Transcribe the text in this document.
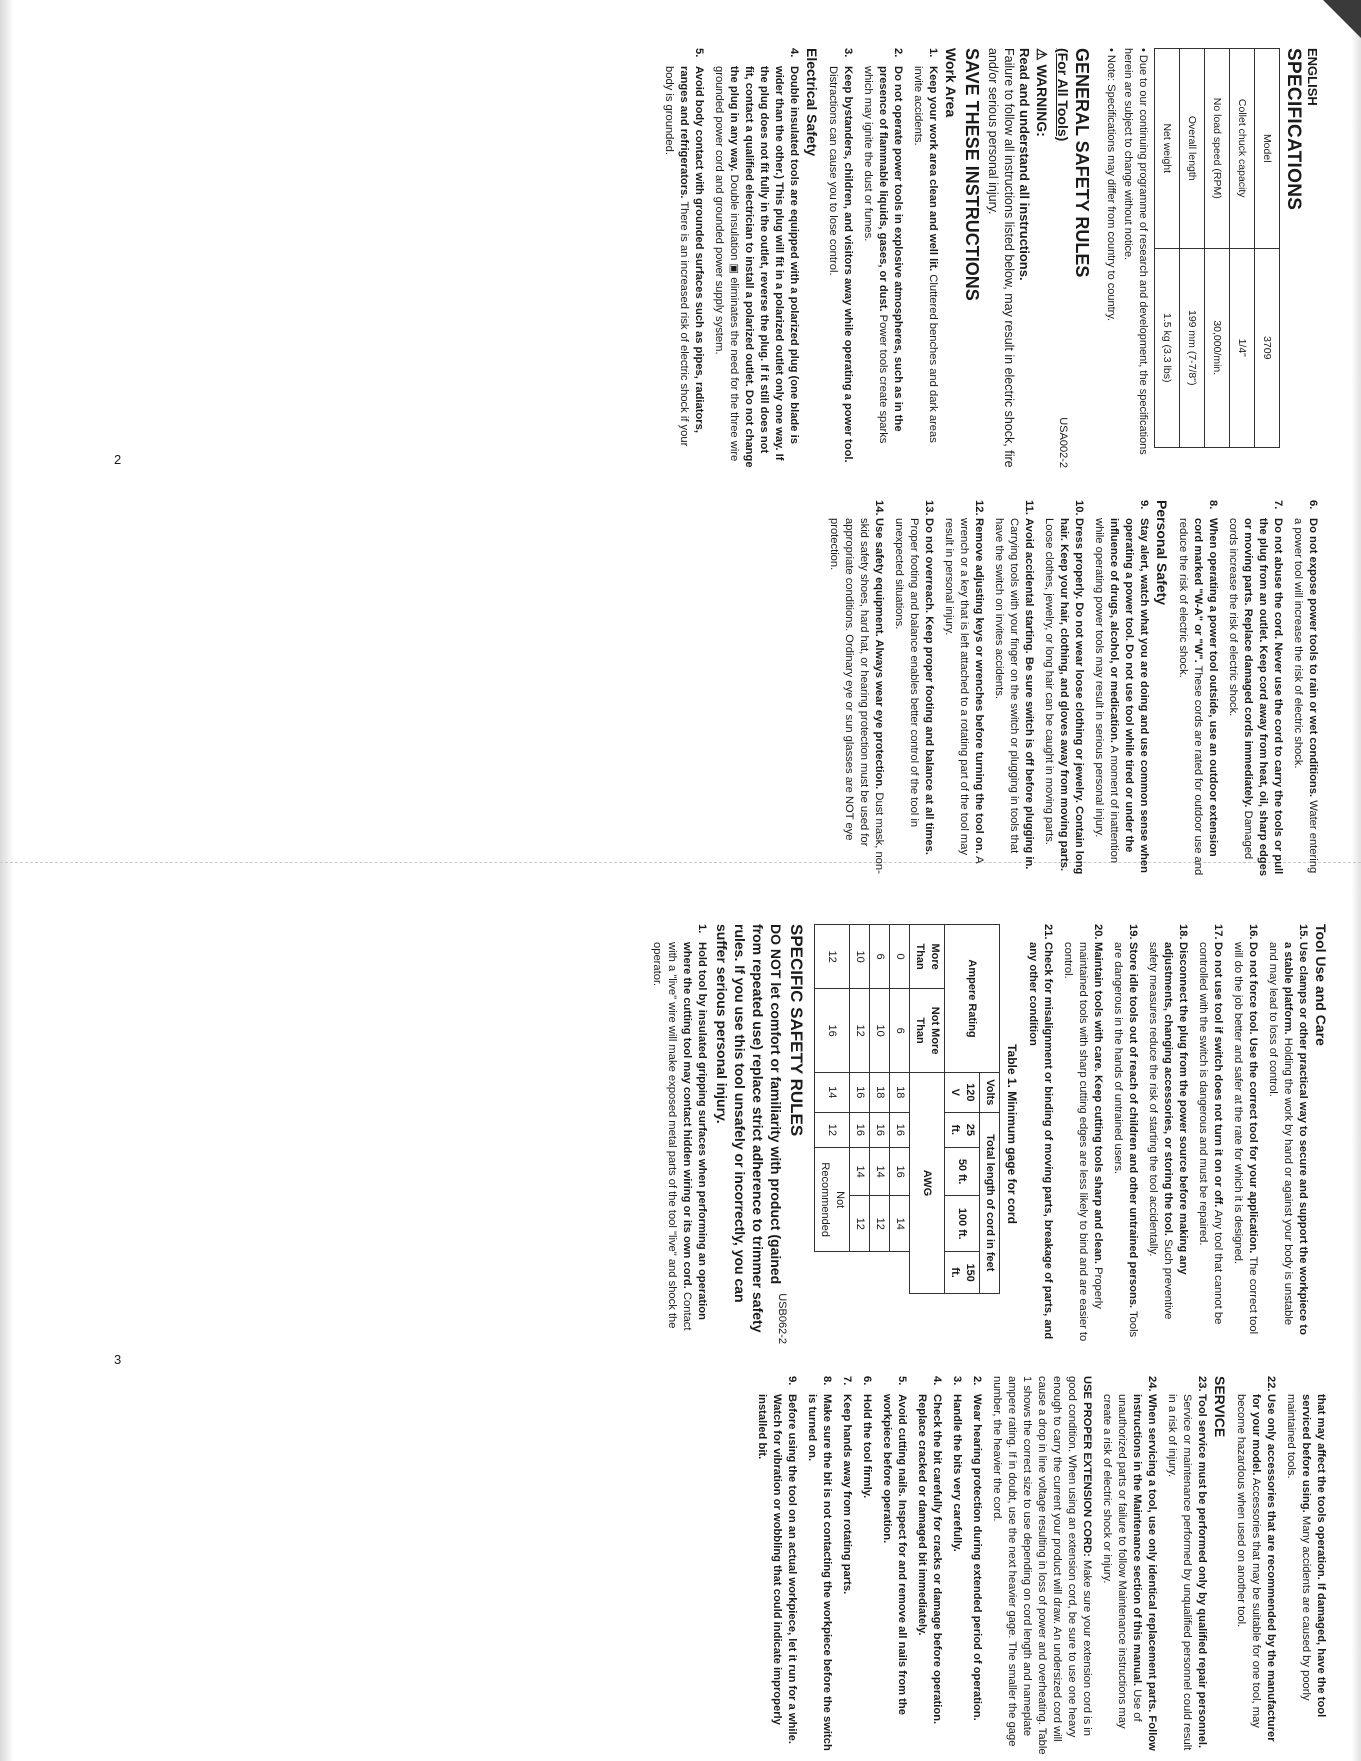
ENGLISH
SPECIFICATIONS
Model	3709
Collet chuck capacity	1/4"
No load speed (RPM)	30,000/min.
Overall length	199 mm (7-7/8")
Net weight	1.5 kg (3.3 lbs)
• Due to our continuing programme of research and development, the specifications herein are subject to change without notice.
• Note: Specifications may differ from country to country.
GENERAL SAFETY RULES
USA002-2
(For All Tools)
⚠ WARNING:
Read and understand all instructions.
Failure to follow all instructions listed below, may result in electric shock, fire and/or serious personal injury.
SAVE THESE INSTRUCTIONS
Work Area
1.
Keep your work area clean and well lit. Cluttered benches and dark areas invite accidents.
2.
Do not operate power tools in explosive atmospheres, such as in the presence of flammable liquids, gases, or dust. Power tools create sparks which may ignite the dust or fumes.
3.
Keep bystanders, children, and visitors away while operating a power tool. Distractions can cause you to lose control.
Electrical Safety
4.
Double insulated tools are equipped with a polarized plug (one blade is wider than the other.) This plug will fit in a polarized outlet only one way. If the plug does not fit fully in the outlet, reverse the plug. If it still does not fit, contact a qualified electrician to install a polarized outlet. Do not change the plug in any way. Double insulation ▣ eliminates the need for the three wire grounded power cord and grounded power supply system.
5.
Avoid body contact with grounded surfaces such as pipes, radiators, ranges and refrigerators. There is an increased risk of electric shock if your body is grounded.
6.
Do not expose power tools to rain or wet conditions. Water entering a power tool will increase the risk of electric shock.
7.
Do not abuse the cord. Never use the cord to carry the tools or pull the plug from an outlet. Keep cord away from heat, oil, sharp edges or moving parts. Replace damaged cords immediately. Damaged cords increase the risk of electric shock.
8.
When operating a power tool outside, use an outdoor extension cord marked "W-A" or "W". These cords are rated for outdoor use and reduce the risk of electric shock.
Personal Safety
9.
Stay alert, watch what you are doing and use common sense when operating a power tool. Do not use tool while tired or under the influence of drugs, alcohol, or medication. A moment of inattention while operating power tools may result in serious personal injury.
10.
Dress properly. Do not wear loose clothing or jewelry. Contain long hair. Keep your hair, clothing, and gloves away from moving parts. Loose clothes, jewelry, or long hair can be caught in moving parts.
11.
Avoid accidental starting. Be sure switch is off before plugging in. Carrying tools with your finger on the switch or plugging in tools that have the switch on invites accidents.
12.
Remove adjusting keys or wrenches before turning the tool on. A wrench or a key that is left attached to a rotating part of the tool may result in personal injury.
13.
Do not overreach. Keep proper footing and balance at all times. Proper footing and balance enables better control of the tool in unexpected situations.
14.
Use safety equipment. Always wear eye protection. Dust mask, non-skid safety shoes, hard hat, or hearing protection must be used for appropriate conditions. Ordinary eye or sun glasses are NOT eye protection.
2
Tool Use and Care
15.
Use clamps or other practical way to secure and support the workpiece to a stable platform. Holding the work by hand or against your body is unstable and may lead to loss of control.
16.
Do not force tool. Use the correct tool for your application. The correct tool will do the job better and safer at the rate for which it is designed.
17.
Do not use tool if switch does not turn it on or off. Any tool that cannot be controlled with the switch is dangerous and must be repaired.
18.
Disconnect the plug from the power source before making any adjustments, changing accessories, or storing the tool. Such preventive safety measures reduce the risk of starting the tool accidentally.
19.
Store idle tools out of reach of children and other untrained persons. Tools are dangerous in the hands of untrained users.
20.
Maintain tools with care. Keep cutting tools sharp and clean. Properly maintained tools with sharp cutting edges are less likely to bind and are easier to control.
21.
Check for misalignment or binding of moving parts, breakage of parts, and any other condition
Table 1. Minimum gage for cord
Ampere Rating		Volts	Total length of cord in feet			
		120 V	25 ft.	50 ft.	100 ft.	150 ft.
More Than	Not More Than	AWG				
0	6	18	16	16	14	
6	10	18	16	14	12	
10	12	16	16	14	12	
12	16	14	12	Not Recommended		
SPECIFIC SAFETY RULES
USB062-2
DO NOT let comfort or familiarity with product (gained from repeated use) replace strict adherence to trimmer safety rules. If you use this tool unsafely or incorrectly, you can suffer serious personal injury.
1.
Hold tool by insulated gripping surfaces when performing an operation where the cutting tool may contact hidden wiring or its own cord. Contact with a "live" wire will make exposed metal parts of the tool "live" and shock the operator.
that may affect the tools operation. If damaged, have the tool serviced before using. Many accidents are caused by poorly maintained tools.
22.
Use only accessories that are recommended by the manufacturer for your model. Accessories that may be suitable for one tool, may become hazardous when used on another tool.
SERVICE
23.
Tool service must be performed only by qualified repair personnel. Service or maintenance performed by unqualified personnel could result in a risk of injury.
24.
When servicing a tool, use only identical replacement parts. Follow instructions in the Maintenance section of this manual. Use of unauthorized parts or failure to follow Maintenance instructions may create a risk of electric shock or injury.
USE PROPER EXTENSION CORD: Make sure your extension cord is in good condition. When using an extension cord, be sure to use one heavy enough to carry the current your product will draw. An undersized cord will cause a drop in line voltage resulting in loss of power and overheating. Table 1 shows the correct size to use depending on cord length and nameplate ampere rating. If in doubt, use the next heavier gage. The smaller the gage number, the heavier the cord.
2.
Wear hearing protection during extended period of operation.
3.
Handle the bits very carefully.
4.
Check the bit carefully for cracks or damage before operation. Replace cracked or damaged bit immediately.
5.
Avoid cutting nails. Inspect for and remove all nails from the workpiece before operation.
6.
Hold the tool firmly.
7.
Keep hands away from rotating parts.
8.
Make sure the bit is not contacting the workpiece before the switch is turned on.
9.
Before using the tool on an actual workpiece, let it run for a while. Watch for vibration or wobbling that could indicate improperly installed bit.
3
